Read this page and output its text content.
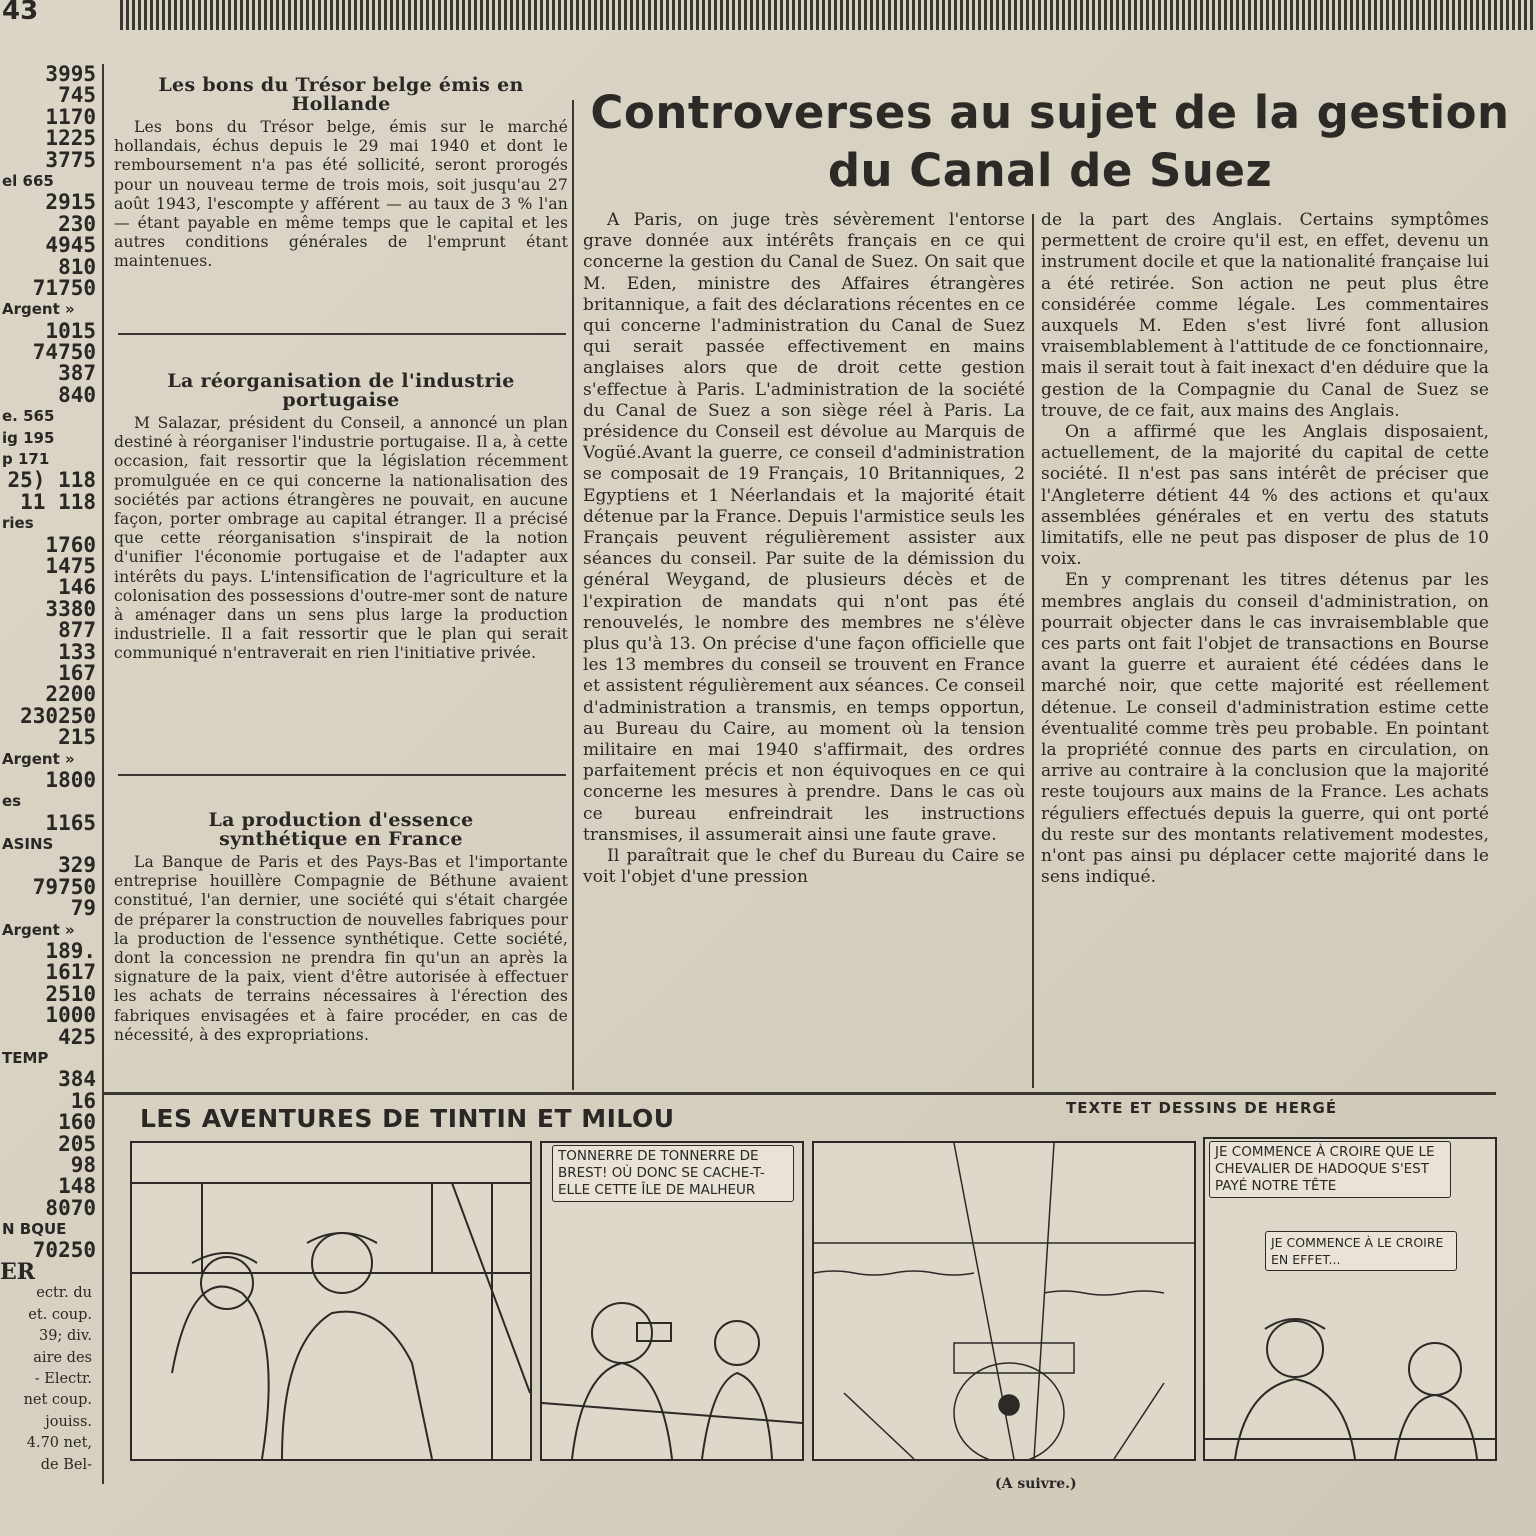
43
3995
745
1170
1225
3775
el 665
2915
230
4945
810
71750
Argent »
1015
74750
387
840
e. 565
ig 195
p 171
25) 118
11 118
ries
1760
1475
146
3380
877
133
167
2200
230250
215
Argent »
1800
es
1165
ASINS
329
79750
79
Argent »
189.
1617
2510
1000
425
TEMP
384
16
160
205
98
148
8070
N BQUE
70250
ER
ectr. du
et. coup.
39; div.
aire des
- Electr.
net coup.
jouiss.
4.70 net,
de Bel-
Les bons du Trésor belge émis en Hollande

Les bons du Trésor belge, émis sur le marché hollandais, échus depuis le 29 mai 1940 et dont le remboursement n'a pas été sollicité, seront prorogés pour un nouveau terme de trois mois, soit jusqu'au 27 août 1943, l'escompte y afférent — au taux de 3 % l'an — étant payable en même temps que le capital et les autres conditions générales de l'emprunt étant maintenues.

La réorganisation de l'industrie portugaise

M Salazar, président du Conseil, a annoncé un plan destiné à réorganiser l'industrie portugaise. Il a, à cette occasion, fait ressortir que la législation récemment promulguée en ce qui concerne la nationalisation des sociétés par actions étrangères ne pouvait, en aucune façon, porter ombrage au capital étranger. Il a précisé que cette réorganisation s'inspirait de la notion d'unifier l'économie portugaise et de l'adapter aux intérêts du pays. L'intensification de l'agriculture et la colonisation des possessions d'outre-mer sont de nature à aménager dans un sens plus large la production industrielle. Il a fait ressortir que le plan qui serait communiqué n'entraverait en rien l'initiative privée.

La production d'essence synthétique en France

La Banque de Paris et des Pays-Bas et l'importante entreprise houillère Compagnie de Béthune avaient constitué, l'an dernier, une société qui s'était chargée de préparer la construction de nouvelles fabriques pour la production de l'essence synthétique. Cette société, dont la concession ne prendra fin qu'un an après la signature de la paix, vient d'être autorisée à effectuer les achats de terrains nécessaires à l'érection des fabriques envisagées et à faire procéder, en cas de nécessité, à des expropriations.

Controverses au sujet de la gestion du Canal de Suez

A Paris, on juge très sévèrement l'entorse grave donnée aux intérêts français en ce qui concerne la gestion du Canal de Suez. On sait que M. Eden, ministre des Affaires étrangères britannique, a fait des déclarations récentes en ce qui concerne l'administration du Canal de Suez qui serait passée effectivement en mains anglaises alors que de droit cette gestion s'effectue à Paris. L'administration de la société du Canal de Suez a son siège réel à Paris. La présidence du Conseil est dévolue au Marquis de Vogüé.Avant la guerre, ce conseil d'administration se composait de 19 Français, 10 Britanniques, 2 Egyptiens et 1 Néerlandais et la majorité était détenue par la France. Depuis l'armistice seuls les Français peuvent régulièrement assister aux séances du conseil. Par suite de la démission du général Weygand, de plusieurs décès et de l'expiration de mandats qui n'ont pas été renouvelés, le nombre des membres ne s'élève plus qu'à 13. On précise d'une façon officielle que les 13 membres du conseil se trouvent en France et assistent régulièrement aux séances. Ce conseil d'administration a transmis, en temps opportun, au Bureau du Caire, au moment où la tension militaire en mai 1940 s'affirmait, des ordres parfaitement précis et non équivoques en ce qui concerne les mesures à prendre. Dans le cas où ce bureau enfreindrait les instructions transmises, il assumerait ainsi une faute grave.

Il paraîtrait que le chef du Bureau du Caire se voit l'objet d'une pression

de la part des Anglais. Certains symptômes permettent de croire qu'il est, en effet, devenu un instrument docile et que la nationalité française lui a été retirée. Son action ne peut plus être considérée comme légale. Les commentaires auxquels M. Eden s'est livré font allusion vraisemblablement à l'attitude de ce fonctionnaire, mais il serait tout à fait inexact d'en déduire que la gestion de la Compagnie du Canal de Suez se trouve, de ce fait, aux mains des Anglais.

On a affirmé que les Anglais disposaient, actuellement, de la majorité du capital de cette société. Il n'est pas sans intérêt de préciser que l'Angleterre détient 44 % des actions et qu'aux assemblées générales et en vertu des statuts limitatifs, elle ne peut pas disposer de plus de 10 voix.

En y comprenant les titres détenus par les membres anglais du conseil d'administration, on pourrait objecter dans le cas invraisemblable que ces parts ont fait l'objet de transactions en Bourse avant la guerre et auraient été cédées dans le marché noir, que cette majorité est réellement détenue. Le conseil d'administration estime cette éventualité comme très peu probable. En pointant la propriété connue des parts en circulation, on arrive au contraire à la conclusion que la majorité reste toujours aux mains de la France. Les achats réguliers effectués depuis la guerre, qui ont porté du reste sur des montants relativement modestes, n'ont pas ainsi pu déplacer cette majorité dans le sens indiqué.

LES AVENTURES DE TINTIN ET MILOU	TEXTE ET DESSINS DE HERGÉ
TONNERRE DE TONNERRE DE BREST! OÙ DONC SE CACHE-T-ELLE CETTE ÎLE DE MALHEUR
JE COMMENCE À CROIRE QUE LE CHEVALIER DE HADOQUE S'EST PAYÉ NOTRE TÊTE
JE COMMENCE À LE CROIRE EN EFFET...
(A suivre.)
